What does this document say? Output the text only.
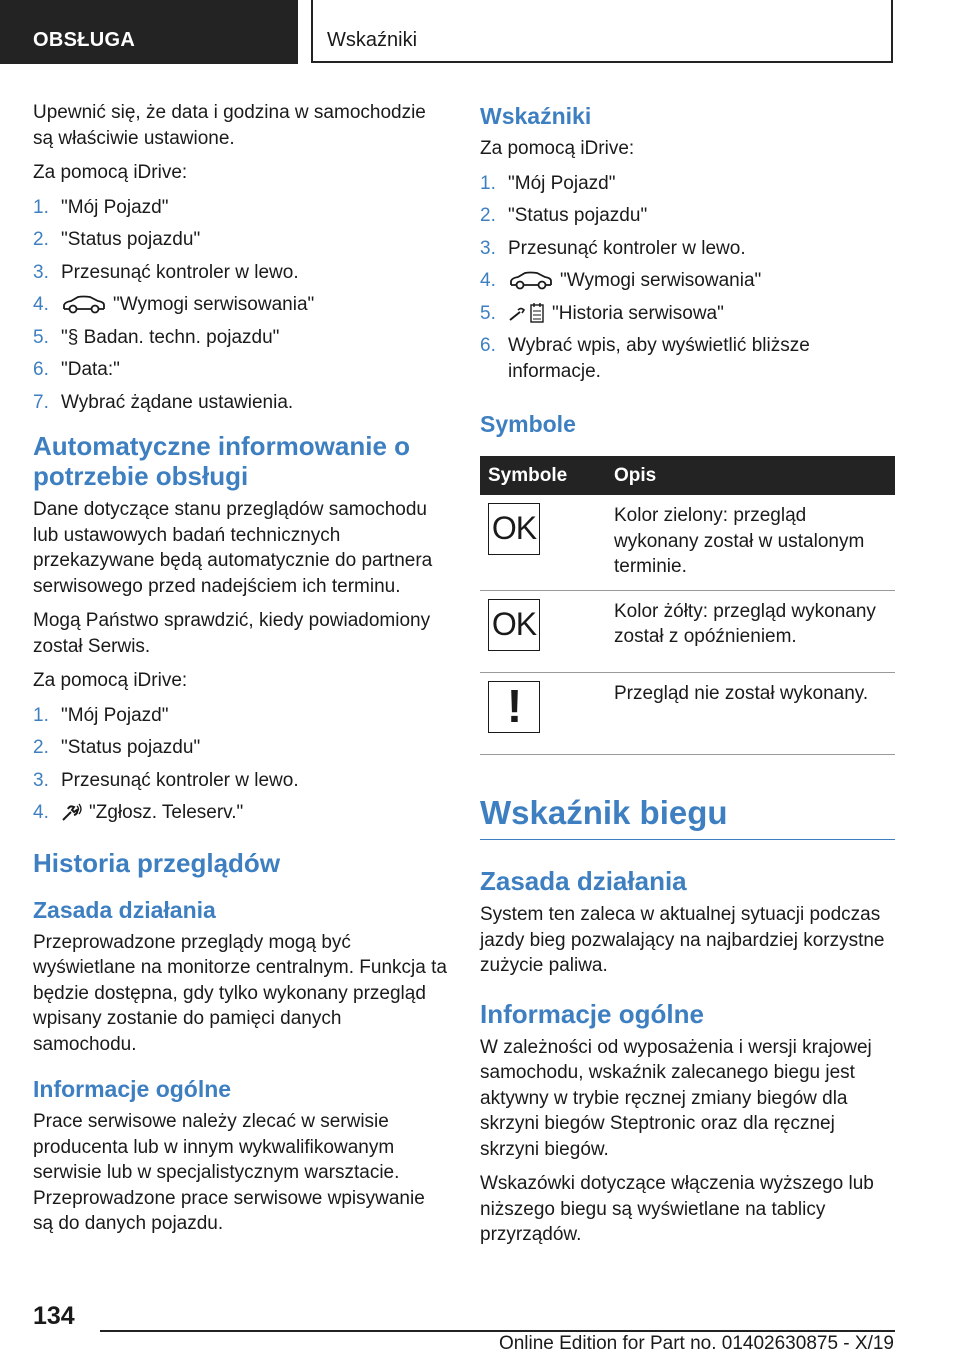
OBSŁUGA	Wskaźniki

Upewnić się, że data i godzina w samochodzie są właściwie ustawione.

Za pomocą iDrive:

1. "Mój Pojazd"
2. "Status pojazdu"
3. Przesunąć kontroler w lewo.
4.	"Wymogi serwisowania"
5. "§ Badan. techn. pojazdu"
6. "Data:"
7. Wybrać żądane ustawienia.
Automatyczne informowanie o potrzebie obsługi

Dane dotyczące stanu przeglądów samochodu lub ustawowych badań technicznych przekazywane będą automatycznie do partnera serwisowego przed nadejściem ich terminu.

Mogą Państwo sprawdzić, kiedy powiadomiony został Serwis.

Za pomocą iDrive:

1. "Mój Pojazd"
2. "Status pojazdu"
3. Przesunąć kontroler w lewo.
4. "Zgłosz. Teleserv."
Historia przeglądów
Zasada działania

Przeprowadzone przeglądy mogą być wyświetlane na monitorze centralnym. Funkcja ta będzie dostępna, gdy tylko wykonany przegląd wpisany zostanie do pamięci danych samochodu.

Informacje ogólne

Prace serwisowe należy zlecać w serwisie producenta lub w innym wykwalifikowanym serwisie lub w specjalistycznym warsztacie. Przeprowadzone prace serwisowe wpisywanie są do danych pojazdu.

Wskaźniki

Za pomocą iDrive:

1. "Mój Pojazd"
2. "Status pojazdu"
3. Przesunąć kontroler w lewo.
4.	"Wymogi serwisowania"
5.	"Historia serwisowa"
6. Wybrać wpis, aby wyświetlić bliższe informacje.
Symbole
Symbole	Opis

OK	Kolor zielony: przegląd wykonany został w ustalonym terminie.

OK	Kolor żółty: przegląd wykonany został z opóźnieniem.

!	Przegląd nie został wykonany.
Wskaźnik biegu
Zasada działania

System ten zaleca w aktualnej sytuacji podczas jazdy bieg pozwalający na najbardziej korzystne zużycie paliwa.

Informacje ogólne

W zależności od wyposażenia i wersji krajowej samochodu, wskaźnik zalecanego biegu jest aktywny w trybie ręcznej zmiany biegów dla skrzyni biegów Steptronic oraz dla ręcznej skrzyni biegów.

Wskazówki dotyczące włączenia wyższego lub niższego biegu są wyświetlane na tablicy przyrządów.

134
Online Edition for Part no. 01402630875 - X/19
